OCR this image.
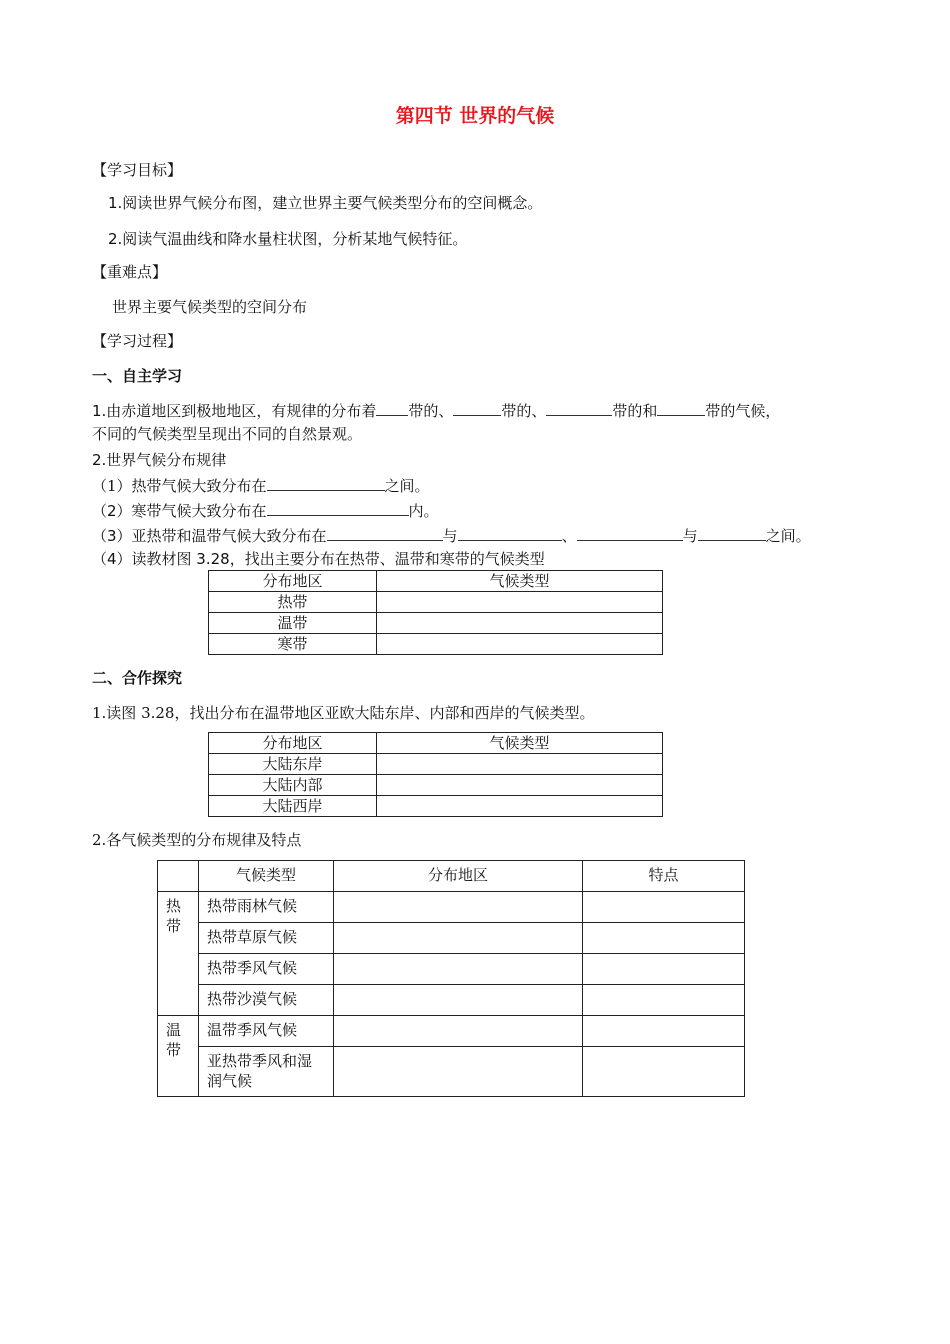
第四节 世界的气候
【学习目标】
1.阅读世界气候分布图，建立世界主要气候类型分布的空间概念。
2.阅读气温曲线和降水量柱状图，分析某地气候特征。
【重难点】
世界主要气候类型的空间分布
【学习过程】
一、自主学习
1.由赤道地区到极地地区，有规律的分布着 带的、	带的、	带的和	带的气候，
不同的气候类型呈现出不同的自然景观。
2.世界气候分布规律
（1）热带气候大致分布在	之间。
（2）寒带气候大致分布在	内。
（3）亚热带和温带气候大致分布在	与	、	与	之间。
（4）读教材图 3.28，找出主要分布在热带、温带和寒带的气候类型
分布地区	气候类型
热带	
温带	
寒带	
二、合作探究
1.读图 3.28，找出分布在温带地区亚欧大陆东岸、内部和西岸的气候类型。
分布地区	气候类型
大陆东岸	
大陆内部	
大陆西岸	
2.各气候类型的分布规律及特点
	气候类型	分布地区	特点
热带	热带雨林气候		
	热带草原气候		
	热带季风气候		
	热带沙漠气候		
温带	温带季风气候		
	亚热带季风和湿润气候		
